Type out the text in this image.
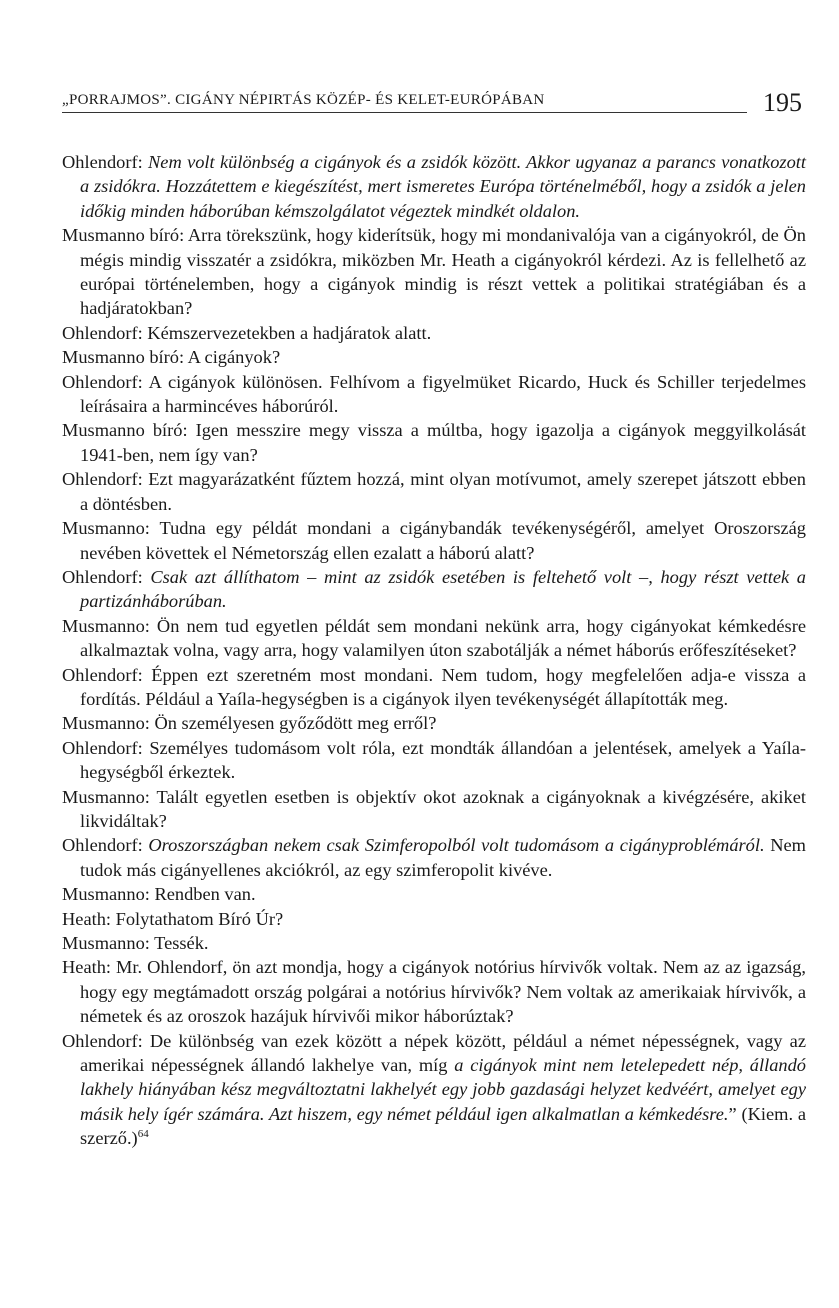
„PORRAJMOS”. CIGÁNY NÉPIRTÁS KÖZÉP- ÉS KELET-EURÓPÁBAN	195

Ohlendorf: Nem volt különbség a cigányok és a zsidók között. Akkor ugyanaz a parancs vonatkozott a zsidókra. Hozzátettem e kiegészítést, mert ismeretes Európa történelméből, hogy a zsidók a jelen időkig minden háborúban kémszolgálatot végeztek mindkét oldalon.

Musmanno bíró: Arra törekszünk, hogy kiderítsük, hogy mi mondanivalója van a cigányokról, de Ön mégis mindig visszatér a zsidókra, miközben Mr. Heath a cigányokról kérdezi. Az is fellelhető az európai történelemben, hogy a cigányok mindig is részt vettek a politikai stratégiában és a hadjáratokban?

Ohlendorf: Kémszervezetekben a hadjáratok alatt.

Musmanno bíró: A cigányok?

Ohlendorf: A cigányok különösen. Felhívom a figyelmüket Ricardo, Huck és Schiller terjedelmes leírásaira a harmincéves háborúról.

Musmanno bíró: Igen messzire megy vissza a múltba, hogy igazolja a cigányok meggyilkolását 1941-ben, nem így van?

Ohlendorf: Ezt magyarázatként fűztem hozzá, mint olyan motívumot, amely szerepet játszott ebben a döntésben.

Musmanno: Tudna egy példát mondani a cigánybandák tevékenységéről, amelyet Oroszország nevében követtek el Németország ellen ezalatt a háború alatt?

Ohlendorf: Csak azt állíthatom – mint az zsidók esetében is feltehető volt –, hogy részt vettek a partizánháborúban.

Musmanno: Ön nem tud egyetlen példát sem mondani nekünk arra, hogy cigányokat kémkedésre alkalmaztak volna, vagy arra, hogy valamilyen úton szabotálják a német háborús erőfeszítéseket?

Ohlendorf: Éppen ezt szeretném most mondani. Nem tudom, hogy megfelelően adja-e vissza a fordítás. Például a Yaíla-hegységben is a cigányok ilyen tevékenységét állapították meg.

Musmanno: Ön személyesen győződött meg erről?

Ohlendorf: Személyes tudomásom volt róla, ezt mondták állandóan a jelentések, amelyek a Yaíla-hegységből érkeztek.

Musmanno: Talált egyetlen esetben is objektív okot azoknak a cigányoknak a kivégzésére, akiket likvidáltak?

Ohlendorf: Oroszországban nekem csak Szimferopolból volt tudomásom a cigányproblémáról. Nem tudok más cigányellenes akciókról, az egy szimferopolit kivéve.

Musmanno: Rendben van.

Heath: Folytathatom Bíró Úr?

Musmanno: Tessék.

Heath: Mr. Ohlendorf, ön azt mondja, hogy a cigányok notórius hírvivők voltak. Nem az az igazság, hogy egy megtámadott ország polgárai a notórius hírvivők? Nem voltak az amerikaiak hírvivők, a németek és az oroszok hazájuk hírvivői mikor háborúztak?

Ohlendorf: De különbség van ezek között a népek között, például a német népességnek, vagy az amerikai népességnek állandó lakhelye van, míg a cigányok mint nem letelepedett nép, állandó lakhely hiányában kész megváltoztatni lakhelyét egy jobb gazdasági helyzet kedvéért, amelyet egy másik hely ígér számára. Azt hiszem, egy német például igen alkalmatlan a kémkedésre.” (Kiem. a szerző.)$^{64}$
